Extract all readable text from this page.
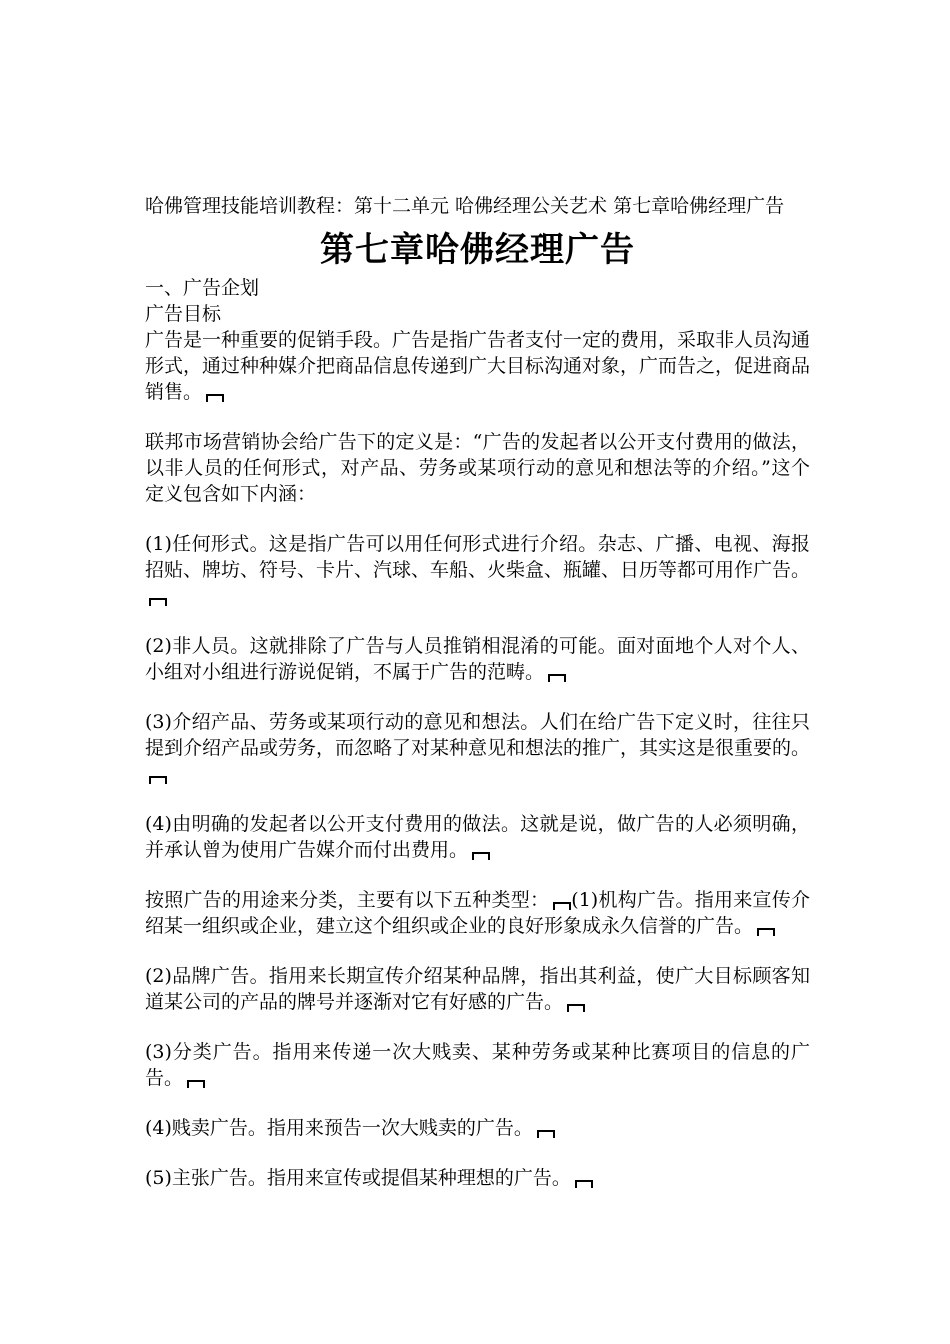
哈佛管理技能培训教程：第十二单元 哈佛经理公关艺术 第七章哈佛经理广告

第七章哈佛经理广告

一、广告企划

广告目标

广告是一种重要的促销手段。广告是指广告者支付一定的费用，采取非人员沟通形式，通过种种媒介把商品信息传递到广大目标沟通对象，广而告之，促进商品销售。

联邦市场营销协会给广告下的定义是：“广告的发起者以公开支付费用的做法，以非人员的任何形式，对产品、劳务或某项行动的意见和想法等的介绍。”这个定义包含如下内涵：

(1)任何形式。这是指广告可以用任何形式进行介绍。杂志、广播、电视、海报招贴、牌坊、符号、卡片、汽球、车船、火柴盒、瓶罐、日历等都可用作广告。

(2)非人员。这就排除了广告与人员推销相混淆的可能。面对面地个人对个人、小组对小组进行游说促销，不属于广告的范畴。

(3)介绍产品、劳务或某项行动的意见和想法。人们在给广告下定义时，往往只提到介绍产品或劳务，而忽略了对某种意见和想法的推广，其实这是很重要的。

(4)由明确的发起者以公开支付费用的做法。这就是说，做广告的人必须明确，并承认曾为使用广告媒介而付出费用。

按照广告的用途来分类，主要有以下五种类型： (1)机构广告。指用来宣传介绍某一组织或企业，建立这个组织或企业的良好形象成永久信誉的广告。

(2)品牌广告。指用来长期宣传介绍某种品牌，指出其利益，使广大目标顾客知道某公司的产品的牌号并逐渐对它有好感的广告。

(3)分类广告。指用来传递一次大贱卖、某种劳务或某种比赛项目的信息的广告。

(4)贱卖广告。指用来预告一次大贱卖的广告。

(5)主张广告。指用来宣传或提倡某种理想的广告。
